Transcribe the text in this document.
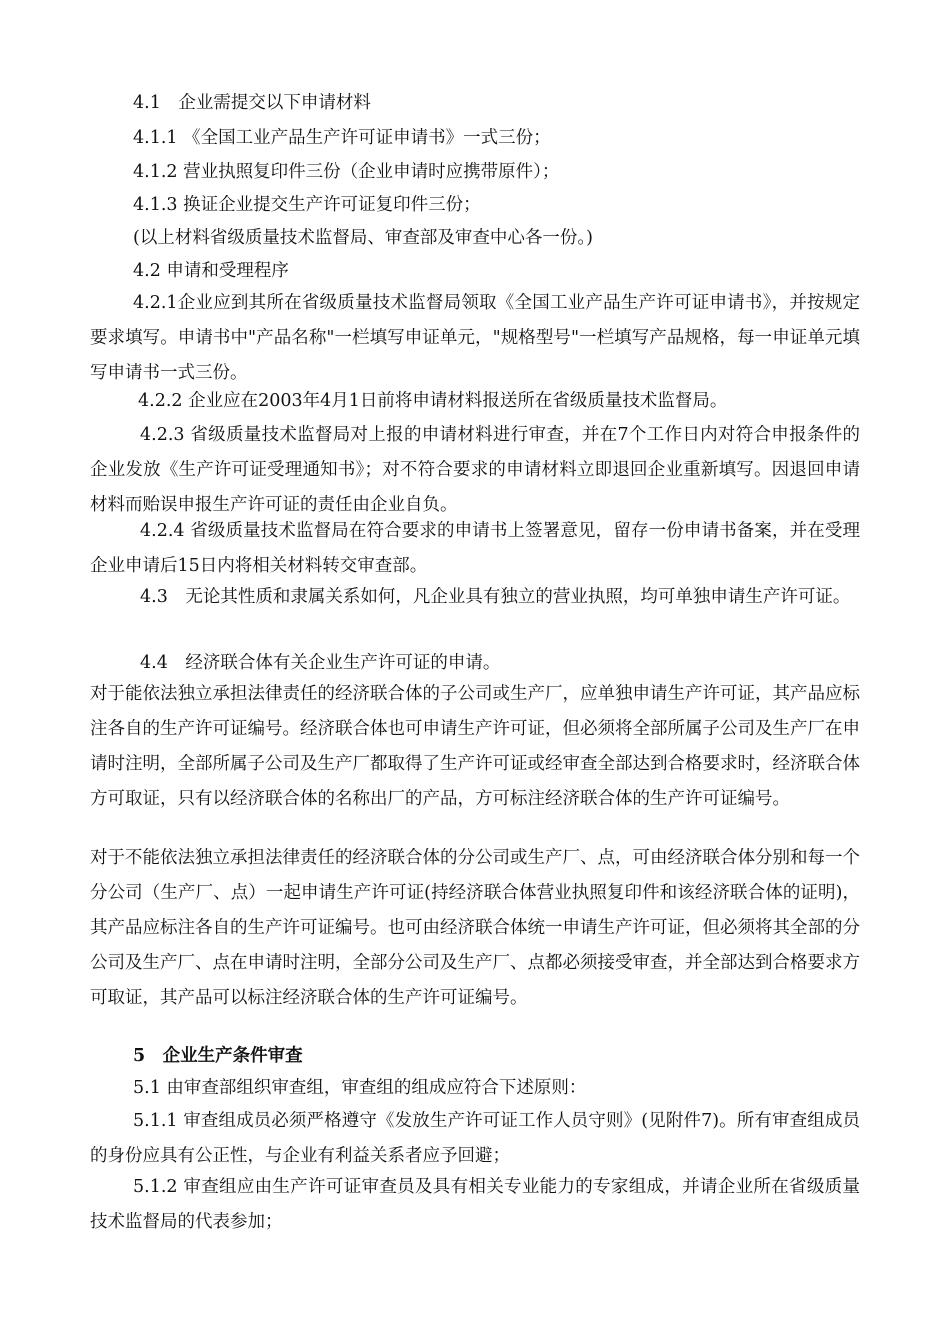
4.1　企业需提交以下申请材料

4.1.1 《全国工业产品生产许可证申请书》一式三份；

4.1.2 营业执照复印件三份（企业申请时应携带原件）；

4.1.3 换证企业提交生产许可证复印件三份；

(以上材料省级质量技术监督局、审查部及审查中心各一份。)

4.2 申请和受理程序

4.2.1企业应到其所在省级质量技术监督局领取《全国工业产品生产许可证申请书》，并按规定要求填写。申请书中"产品名称"一栏填写申证单元，"规格型号"一栏填写产品规格，每一申证单元填写申请书一式三份。

4.2.2 企业应在2003年4月1日前将申请材料报送所在省级质量技术监督局。

4.2.3 省级质量技术监督局对上报的申请材料进行审查，并在7个工作日内对符合申报条件的企业发放《生产许可证受理通知书》；对不符合要求的申请材料立即退回企业重新填写。因退回申请材料而贻误申报生产许可证的责任由企业自负。

4.2.4 省级质量技术监督局在符合要求的申请书上签署意见，留存一份申请书备案，并在受理企业申请后15日内将相关材料转交审查部。

4.3　无论其性质和隶属关系如何，凡企业具有独立的营业执照，均可单独申请生产许可证。

4.4　经济联合体有关企业生产许可证的申请。

对于能依法独立承担法律责任的经济联合体的子公司或生产厂，应单独申请生产许可证，其产品应标注各自的生产许可证编号。经济联合体也可申请生产许可证，但必须将全部所属子公司及生产厂在申请时注明，全部所属子公司及生产厂都取得了生产许可证或经审查全部达到合格要求时，经济联合体方可取证，只有以经济联合体的名称出厂的产品，方可标注经济联合体的生产许可证编号。

对于不能依法独立承担法律责任的经济联合体的分公司或生产厂、点，可由经济联合体分别和每一个分公司（生产厂、点）一起申请生产许可证(持经济联合体营业执照复印件和该经济联合体的证明)，其产品应标注各自的生产许可证编号。也可由经济联合体统一申请生产许可证，但必须将其全部的分公司及生产厂、点在申请时注明，全部分公司及生产厂、点都必须接受审查，并全部达到合格要求方可取证，其产品可以标注经济联合体的生产许可证编号。

5　企业生产条件审查

5.1 由审查部组织审查组，审查组的组成应符合下述原则：

5.1.1 审查组成员必须严格遵守《发放生产许可证工作人员守则》(见附件7)。所有审查组成员的身份应具有公正性，与企业有利益关系者应予回避；

5.1.2 审查组应由生产许可证审查员及具有相关专业能力的专家组成，并请企业所在省级质量技术监督局的代表参加；
